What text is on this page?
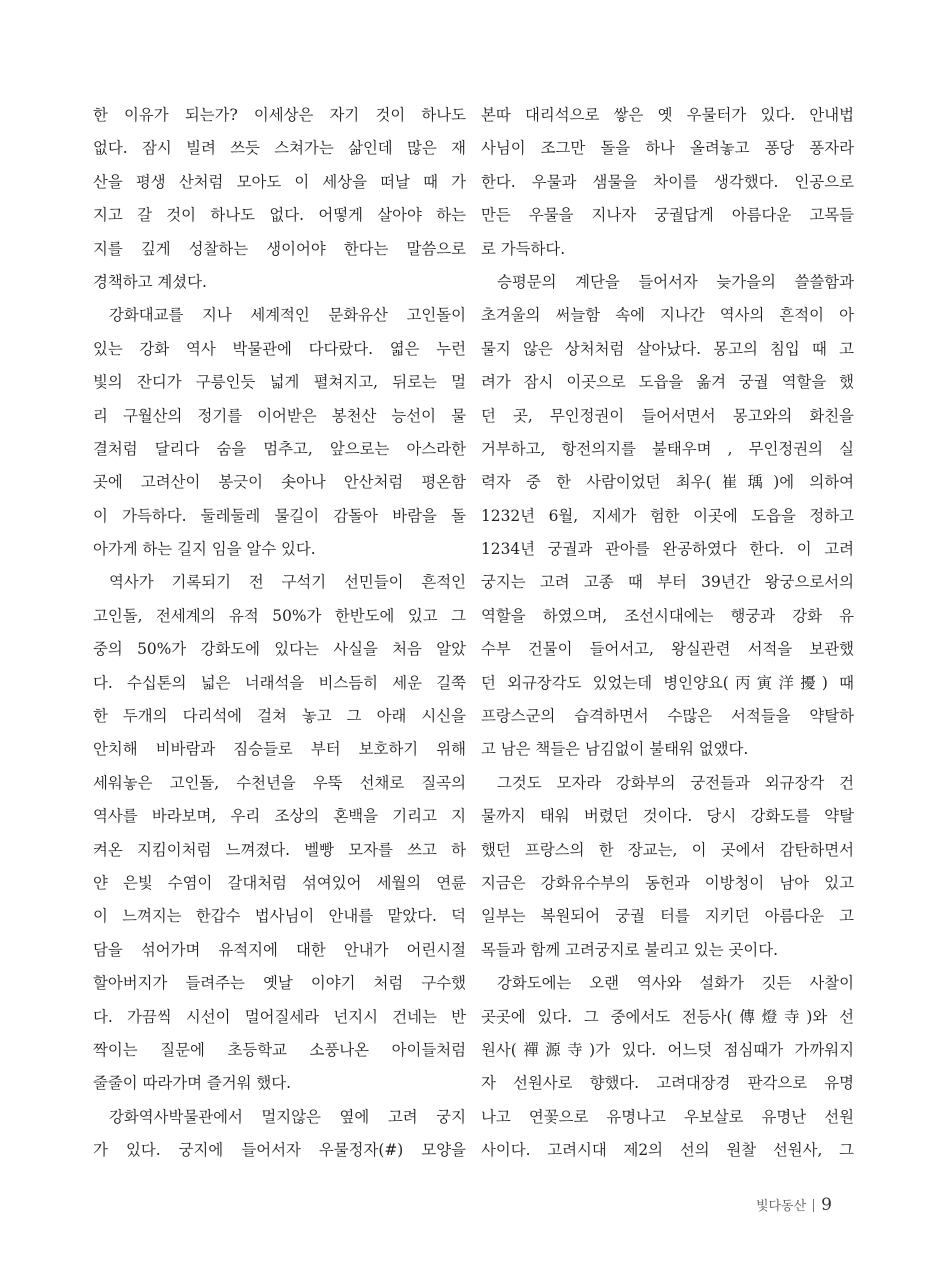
한 이유가 되는가? 이세상은 자기 것이 하나도
없다. 잠시 빌려 쓰듯 스쳐가는 삶인데 많은 재
산을 평생 산처럼 모아도 이 세상을 떠날 때 가
지고 갈 것이 하나도 없다. 어떻게 살아야 하는
지를 깊게 성찰하는 생이어야 한다는 말씀으로
경책하고 계셨다.
강화대교를 지나 세계적인 문화유산 고인돌이
있는 강화 역사 박물관에 다다랐다. 엷은 누런
빛의 잔디가 구릉인듯 넓게 펼쳐지고, 뒤로는 멀
리 구월산의 정기를 이어받은 봉천산 능선이 물
결처럼 달리다 숨을 멈추고, 앞으로는 아스라한
곳에 고려산이 봉긋이 솟아나 안산처럼 평온함
이 가득하다. 둘레둘레 물길이 감돌아 바람을 돌
아가게 하는 길지 임을 알수 있다.
역사가 기록되기 전 구석기 선민들이 흔적인
고인돌, 전세계의 유적 50%가 한반도에 있고 그
중의 50%가 강화도에 있다는 사실을 처음 알았
다. 수십톤의 넓은 너래석을 비스듬히 세운 길쭉
한 두개의 다리석에 걸쳐 놓고 그 아래 시신을
안치해 비바람과 짐승들로 부터 보호하기 위해
세워놓은 고인돌, 수천년을 우뚝 선채로 질곡의
역사를 바라보며, 우리 조상의 혼백을 기리고 지
켜온 지킴이처럼 느껴졌다. 벨빵 모자를 쓰고 하
얀 은빛 수염이 갈대처럼 섞여있어 세월의 연륜
이 느껴지는 한갑수 법사님이 안내를 맡았다. 덕
담을 섞어가며 유적지에 대한 안내가 어린시절
할아버지가 들려주는 옛날 이야기 처럼 구수했
다. 가끔씩 시선이 멀어질세라 넌지시 건네는 반
짝이는 질문에 초등학교 소풍나온 아이들처럼
줄줄이 따라가며 즐거워 했다.
강화역사박물관에서 멀지않은 옆에 고려 궁지
가 있다. 궁지에 들어서자 우물정자(#) 모양을
본따 대리석으로 쌓은 옛 우물터가 있다. 안내법
사님이 조그만 돌을 하나 올려놓고 퐁당 퐁자라
한다. 우물과 샘물을 차이를 생각했다. 인공으로
만든 우물을 지나자 궁궐답게 아름다운 고목들
로 가득하다.
승평문의 계단을 들어서자 늦가을의 쓸쓸함과
초겨울의 써늘함 속에 지나간 역사의 흔적이 아
물지 않은 상처처럼 살아났다. 몽고의 침입 때 고
려가 잠시 이곳으로 도읍을 옮겨 궁궐 역할을 했
던 곳, 무인정권이 들어서면서 몽고와의 화친을
거부하고, 항전의지를 불태우며 , 무인정권의 실
력자 중 한 사람이었던 최우(崔瑀)에 의하여
1232년 6월, 지세가 험한 이곳에 도읍을 정하고
1234년 궁궐과 관아를 완공하였다 한다. 이 고려
궁지는 고려 고종 때 부터 39년간 왕궁으로서의
역할을 하였으며, 조선시대에는 행궁과 강화 유
수부 건물이 들어서고, 왕실관련 서적을 보관했
던 외규장각도 있었는데 병인양요(丙寅洋擾) 때
프랑스군의 습격하면서 수많은 서적들을 약탈하
고 남은 책들은 남김없이 불태워 없앴다.
그것도 모자라 강화부의 궁전들과 외규장각 건
물까지 태워 버렸던 것이다. 당시 강화도를 약탈
했던 프랑스의 한 장교는, 이 곳에서 감탄하면서
지금은 강화유수부의 동헌과 이방청이 남아 있고
일부는 복원되어 궁궐 터를 지키던 아름다운 고
목들과 함께 고려궁지로 불리고 있는 곳이다.
강화도에는 오랜 역사와 설화가 깃든 사찰이
곳곳에 있다. 그 중에서도 전등사(傳燈寺)와 선
원사(禪源寺)가 있다. 어느덧 점심때가 가까워지
자 선원사로 향했다. 고려대장경 판각으로 유명
나고 연꽃으로 유명나고 우보살로 유명난 선원
사이다. 고려시대 제2의 선의 원찰 선원사, 그
빛다동산 9
